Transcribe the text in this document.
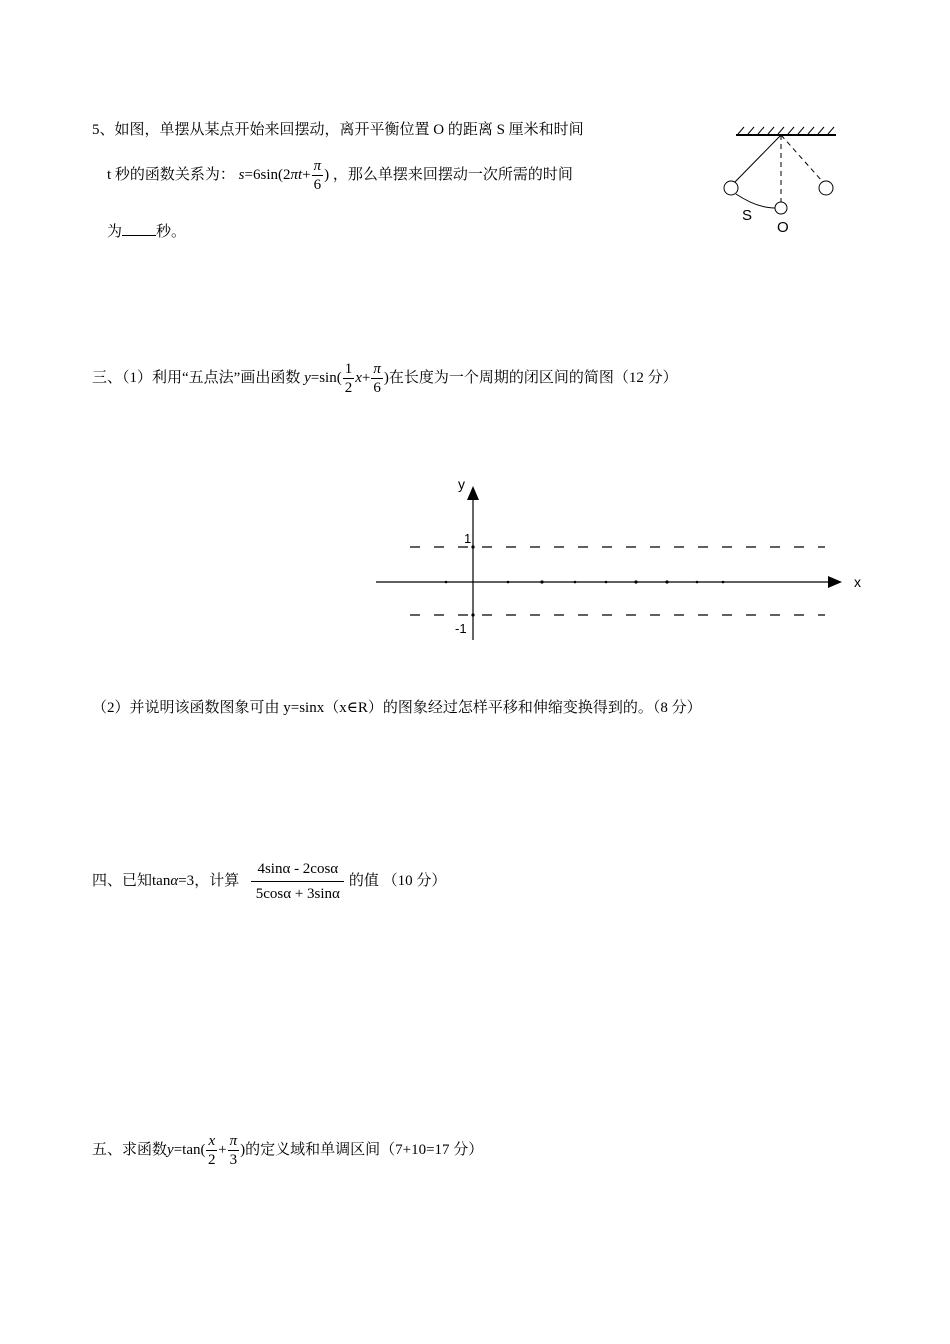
5、如图，单摆从某点开始来回摆动，离开平衡位置 O 的距离 S 厘米和时间
t 秒的函数关系为： $s=6\sin(2\pi t+ \frac{\pi}{6}$ ) ，那么单摆来回摆动一次所需的时间
为 秒。
S
O
三、（1）利用“五点法”画出函数 $y=\sin( \frac{1}{2} x+ \frac{\pi}{6}$ )在长度为一个周期的闭区间的简图（12 分）
y
x
1
-1
（2）并说明该函数图象可由 y=sinx（x∈R）的图象经过怎样平移和伸缩变换得到的。（8 分）
四、已知tanα=3，计算 $\frac{4\sin\alpha - 2\cos\alpha}{5\cos\alpha + 3\sin\alpha}$ 的值 （10 分）
五、求函数$y=\tan( \frac{x}{2} + \frac{\pi}{3}$ )的定义域和单调区间（7+10=17 分）
